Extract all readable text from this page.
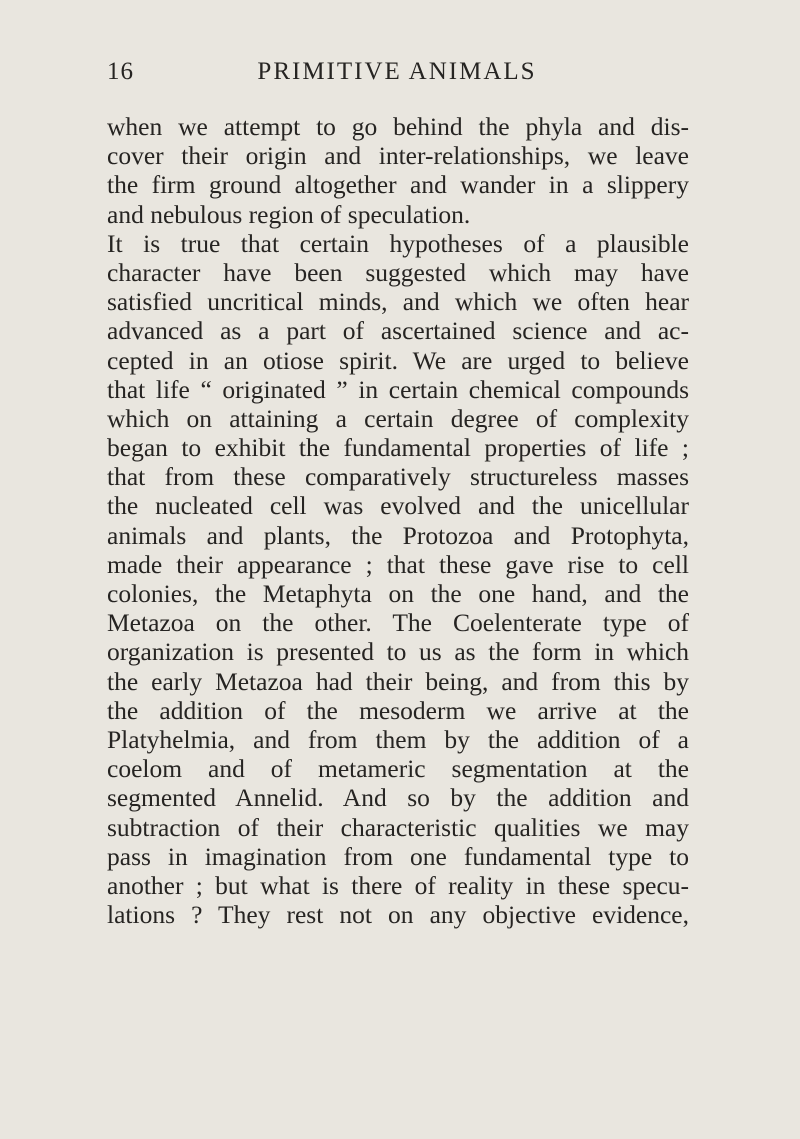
16	PRIMITIVE ANIMALS
when we attempt to go behind the phyla and dis-
cover their origin and inter-relationships, we leave
the firm ground altogether and wander in a slippery
and nebulous region of speculation.
It is true that certain hypotheses of a plausible
character have been suggested which may have
satisfied uncritical minds, and which we often hear
advanced as a part of ascertained science and ac-
cepted in an otiose spirit. We are urged to believe
that life “ originated ” in certain chemical compounds
which on attaining a certain degree of complexity
began to exhibit the fundamental properties of life ;
that from these comparatively structureless masses
the nucleated cell was evolved and the unicellular
animals and plants, the Protozoa and Protophyta,
made their appearance ; that these gave rise to cell
colonies, the Metaphyta on the one hand, and the
Metazoa on the other. The Coelenterate type of
organization is presented to us as the form in which
the early Metazoa had their being, and from this by
the addition of the mesoderm we arrive at the
Platyhelmia, and from them by the addition of a
coelom and of metameric segmentation at the
segmented Annelid. And so by the addition and
subtraction of their characteristic qualities we may
pass in imagination from one fundamental type to
another ; but what is there of reality in these specu-
lations ? They rest not on any objective evidence,
